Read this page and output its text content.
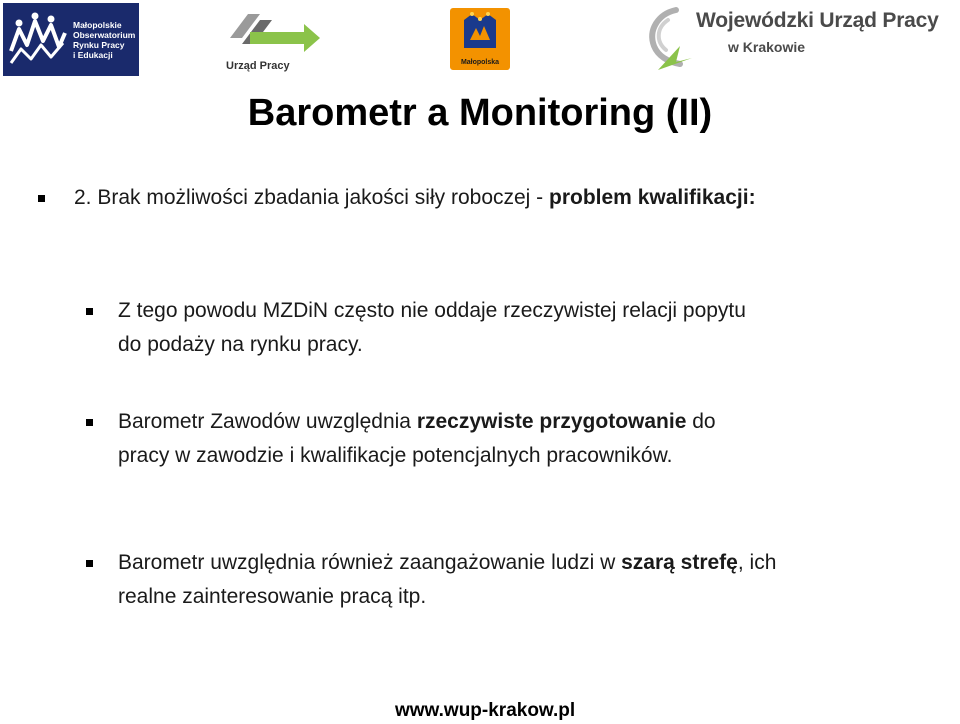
Małopolskie
Obserwatorium
Rynku Pracy
i Edukacji
Urząd Pracy	Małopolska
Wojewódzki Urząd Pracy
w Krakowie
Barometr a Monitoring (II)
2. Brak możliwości zbadania jakości siły roboczej - problem kwalifikacji:
Z tego powodu MZDiN często nie oddaje rzeczywistej relacji popytu do podaży na rynku pracy.
Barometr Zawodów uwzględnia rzeczywiste przygotowanie do pracy w zawodzie i kwalifikacje potencjalnych pracowników.
Barometr uwzględnia również zaangażowanie ludzi w szarą strefę, ich realne zainteresowanie pracą itp.
www.wup-krakow.pl
